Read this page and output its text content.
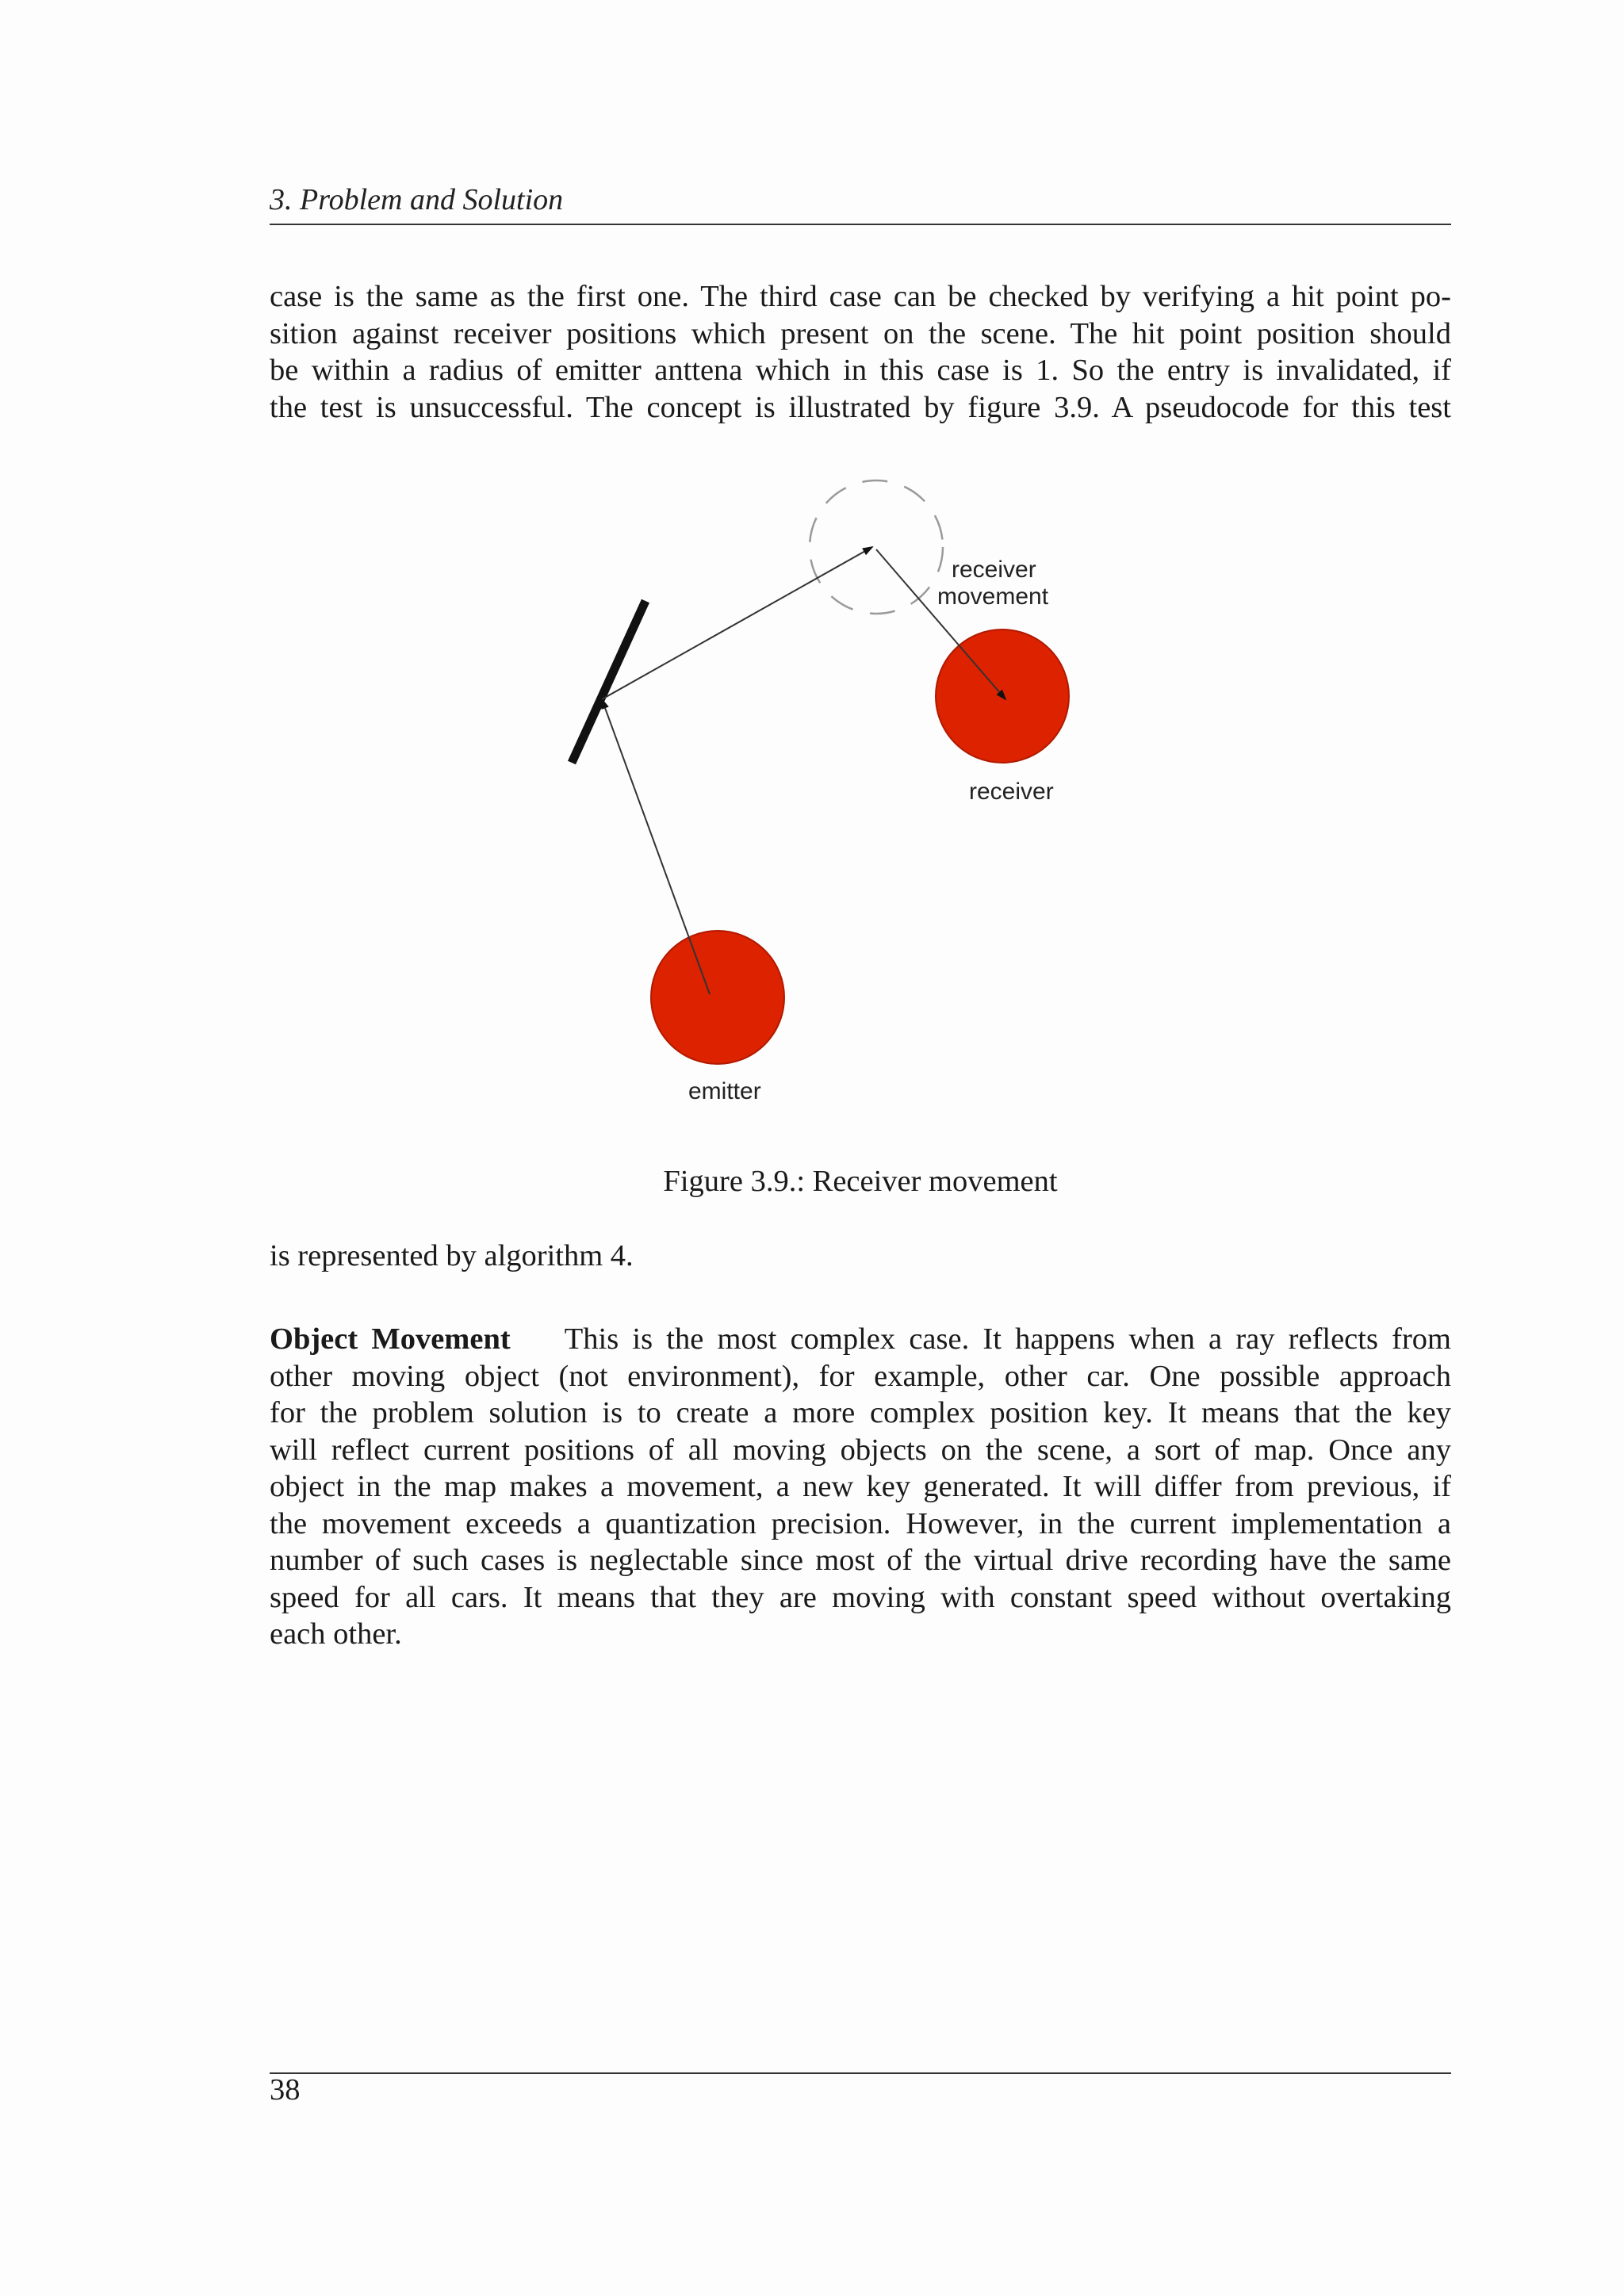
3. Problem and Solution
case is the same as the first one. The third case can be checked by verifying a hit point po-
sition against receiver positions which present on the scene. The hit point position should
be within a radius of emitter anttena which in this case is 1. So the entry is invalidated, if
the test is unsuccessful. The concept is illustrated by figure 3.9. A pseudocode for this test
receiver
movement
receiver
emitter
Figure 3.9.: Receiver movement
is represented by algorithm 4.
Object Movement This is the most complex case. It happens when a ray reflects from
other moving object (not environment), for example, other car. One possible approach
for the problem solution is to create a more complex position key. It means that the key
will reflect current positions of all moving objects on the scene, a sort of map. Once any
object in the map makes a movement, a new key generated. It will differ from previous, if
the movement exceeds a quantization precision. However, in the current implementation a
number of such cases is neglectable since most of the virtual drive recording have the same
speed for all cars. It means that they are moving with constant speed without overtaking
each other.
38
